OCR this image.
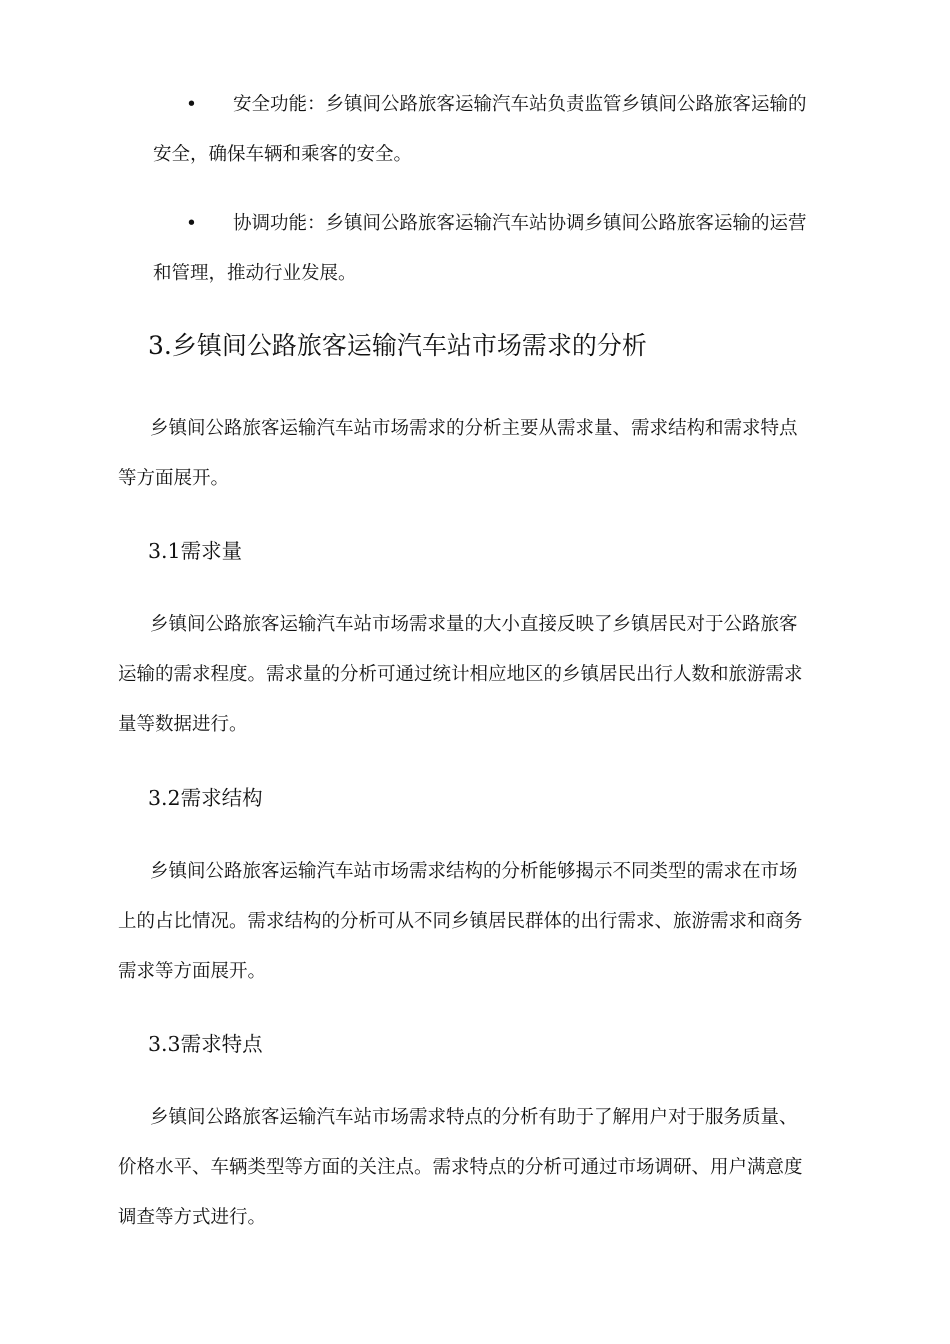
• 安全功能：乡镇间公路旅客运输汽车站负责监管乡镇间公路旅客运输的
安全，确保车辆和乘客的安全。
• 协调功能：乡镇间公路旅客运输汽车站协调乡镇间公路旅客运输的运营
和管理，推动行业发展。
3.乡镇间公路旅客运输汽车站市场需求的分析
乡镇间公路旅客运输汽车站市场需求的分析主要从需求量、需求结构和需求特点
等方面展开。
3.1需求量
乡镇间公路旅客运输汽车站市场需求量的大小直接反映了乡镇居民对于公路旅客
运输的需求程度。需求量的分析可通过统计相应地区的乡镇居民出行人数和旅游需求
量等数据进行。
3.2需求结构
乡镇间公路旅客运输汽车站市场需求结构的分析能够揭示不同类型的需求在市场
上的占比情况。需求结构的分析可从不同乡镇居民群体的出行需求、旅游需求和商务
需求等方面展开。
3.3需求特点
乡镇间公路旅客运输汽车站市场需求特点的分析有助于了解用户对于服务质量、
价格水平、车辆类型等方面的关注点。需求特点的分析可通过市场调研、用户满意度
调查等方式进行。
